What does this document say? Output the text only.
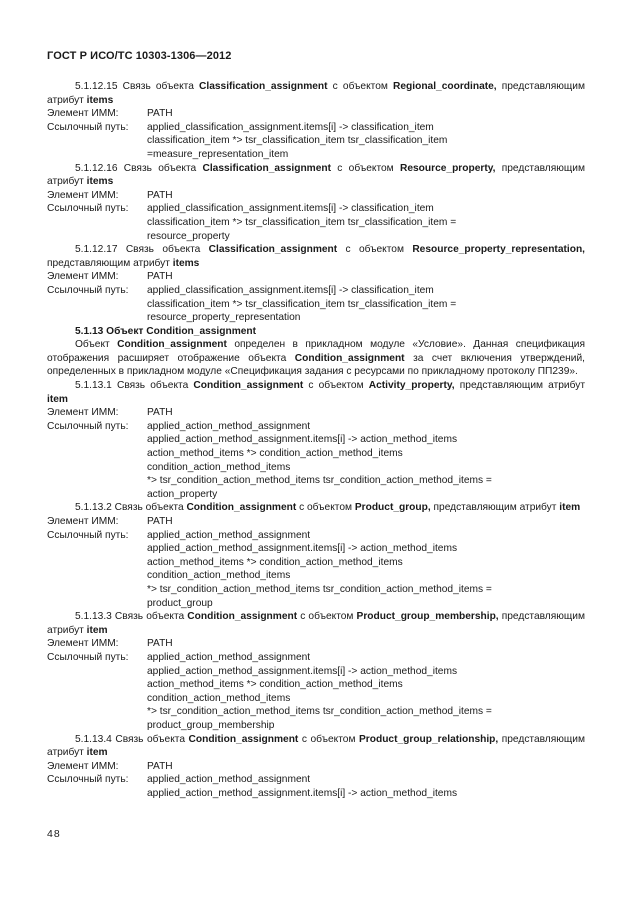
ГОСТ Р ИСО/ТС 10303-1306—2012

5.1.12.15 Связь объекта Classification_assignment с объектом Regional_coordinate, представляющим атрибут items

Элемент ИММ:	PATH
Ссылочный путь:	applied_classification_assignment.items[i] -> classification_item
classification_item *> tsr_classification_item tsr_classification_item
=measure_representation_item

5.1.12.16 Связь объекта Classification_assignment с объектом Resource_property, представляющим атрибут items

Элемент ИММ:	PATH
Ссылочный путь:	applied_classification_assignment.items[i] -> classification_item
classification_item *> tsr_classification_item tsr_classification_item =
resource_property

5.1.12.17 Связь объекта Classification_assignment с объектом Resource_property_representation, представляющим атрибут items

Элемент ИММ:	PATH
Ссылочный путь:	applied_classification_assignment.items[i] -> classification_item
classification_item *> tsr_classification_item tsr_classification_item =
resource_property_representation

5.1.13 Объект Condition_assignment

Объект Condition_assignment определен в прикладном модуле «Условие». Данная спецификация отображения расширяет отображение объекта Condition_assignment за счет включения утверждений, определенных в прикладном модуле «Спецификация задания с ресурсами по прикладному протоколу ПП239».

5.1.13.1 Связь объекта Condition_assignment с объектом Activity_property, представляющим атрибут item

Элемент ИММ:	PATH
Ссылочный путь:	applied_action_method_assignment
applied_action_method_assignment.items[i] -> action_method_items
action_method_items *> condition_action_method_items
condition_action_method_items
*> tsr_condition_action_method_items tsr_condition_action_method_items =
action_property

5.1.13.2 Связь объекта Condition_assignment с объектом Product_group, представляющим атрибут item

Элемент ИММ:	PATH
Ссылочный путь:	applied_action_method_assignment
applied_action_method_assignment.items[i] -> action_method_items
action_method_items *> condition_action_method_items
condition_action_method_items
*> tsr_condition_action_method_items tsr_condition_action_method_items =
product_group

5.1.13.3 Связь объекта Condition_assignment с объектом Product_group_membership, представляющим атрибут item

Элемент ИММ:	PATH
Ссылочный путь:	applied_action_method_assignment
applied_action_method_assignment.items[i] -> action_method_items
action_method_items *> condition_action_method_items
condition_action_method_items
*> tsr_condition_action_method_items tsr_condition_action_method_items =
product_group_membership

5.1.13.4 Связь объекта Condition_assignment с объектом Product_group_relationship, представляющим атрибут item

Элемент ИММ:	PATH
Ссылочный путь:	applied_action_method_assignment
applied_action_method_assignment.items[i] -> action_method_items
48
